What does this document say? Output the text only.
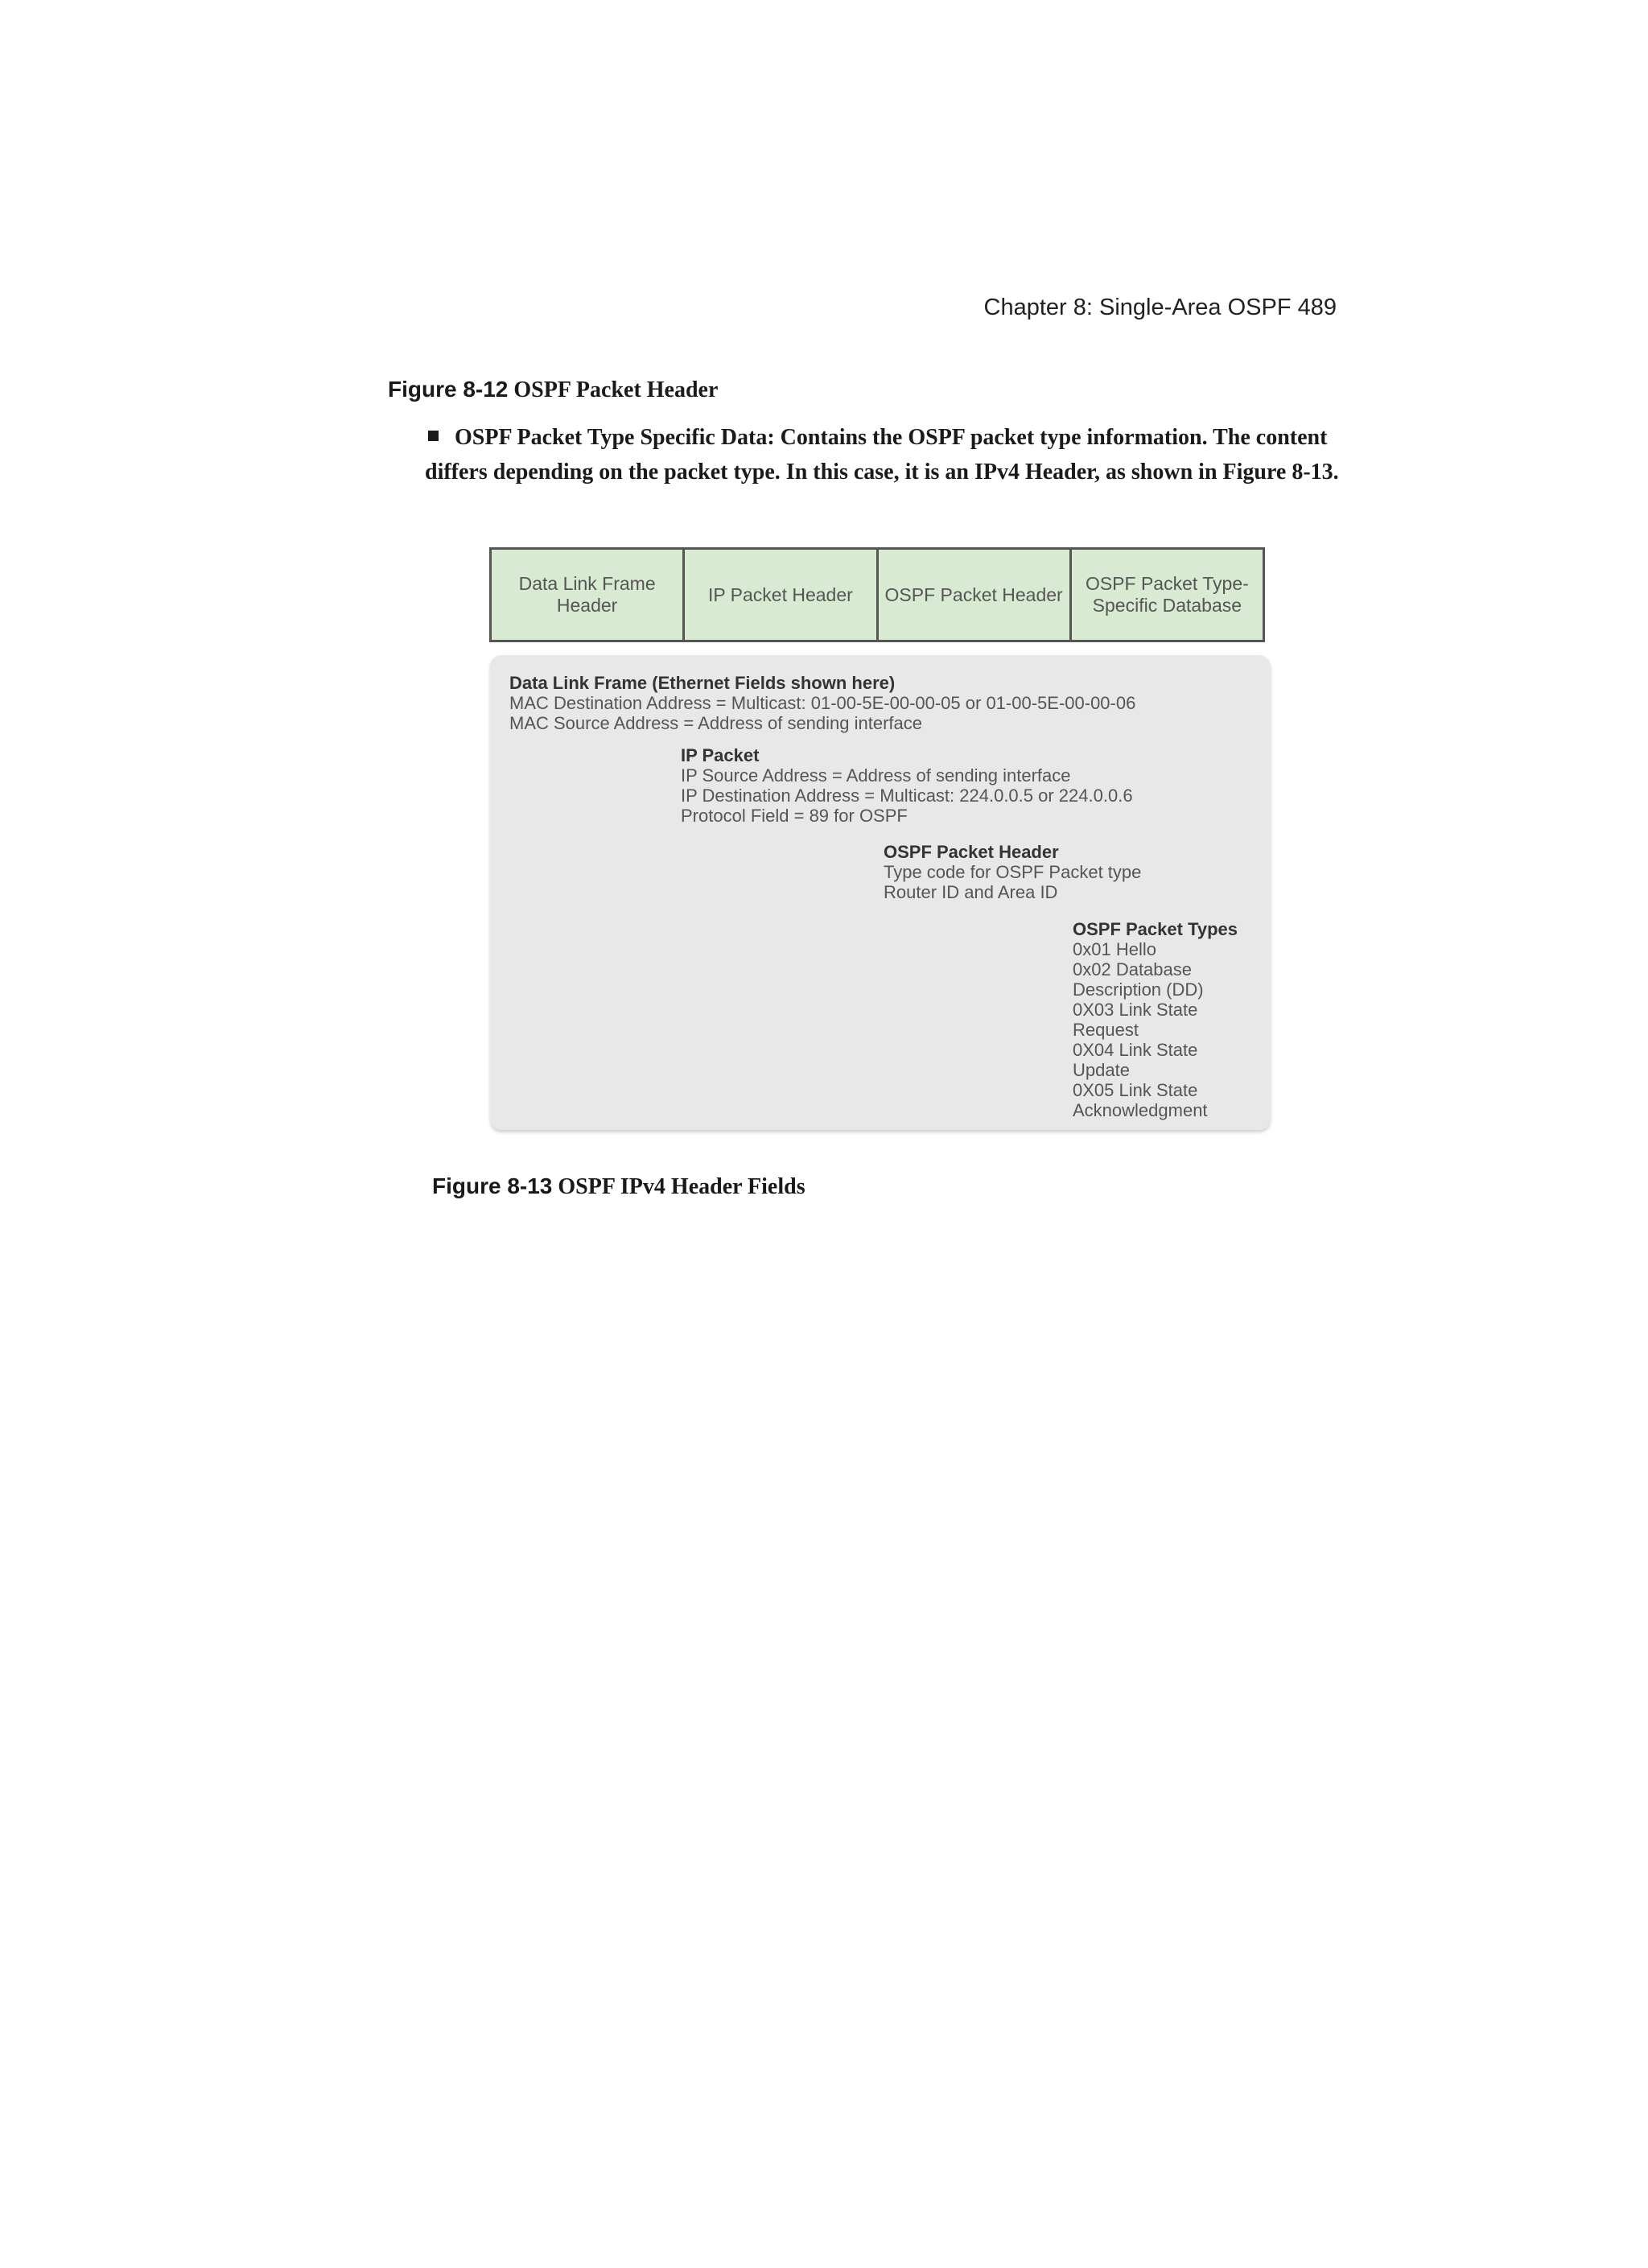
Chapter 8: Single-Area OSPF 489
Figure 8-12 OSPF Packet Header
OSPF Packet Type Specific Data: Contains the OSPF packet type information. The content differs depending on the packet type. In this case, it is an IPv4 Header, as shown in Figure 8-13.
Data Link Frame Header
IP Packet Header	OSPF Packet Header
OSPF Packet Type-Specific Database
Data Link Frame (Ethernet Fields shown here)
MAC Destination Address = Multicast: 01-00-5E-00-00-05 or 01-00-5E-00-00-06
MAC Source Address = Address of sending interface
IP Packet
IP Source Address = Address of sending interface
IP Destination Address = Multicast: 224.0.0.5 or 224.0.0.6
Protocol Field = 89 for OSPF
OSPF Packet Header
Type code for OSPF Packet type
Router ID and Area ID
OSPF Packet Types
0x01 Hello
0x02 Database
Description (DD)
0X03 Link State
Request
0X04 Link State
Update
0X05 Link State
Acknowledgment
Figure 8-13 OSPF IPv4 Header Fields
